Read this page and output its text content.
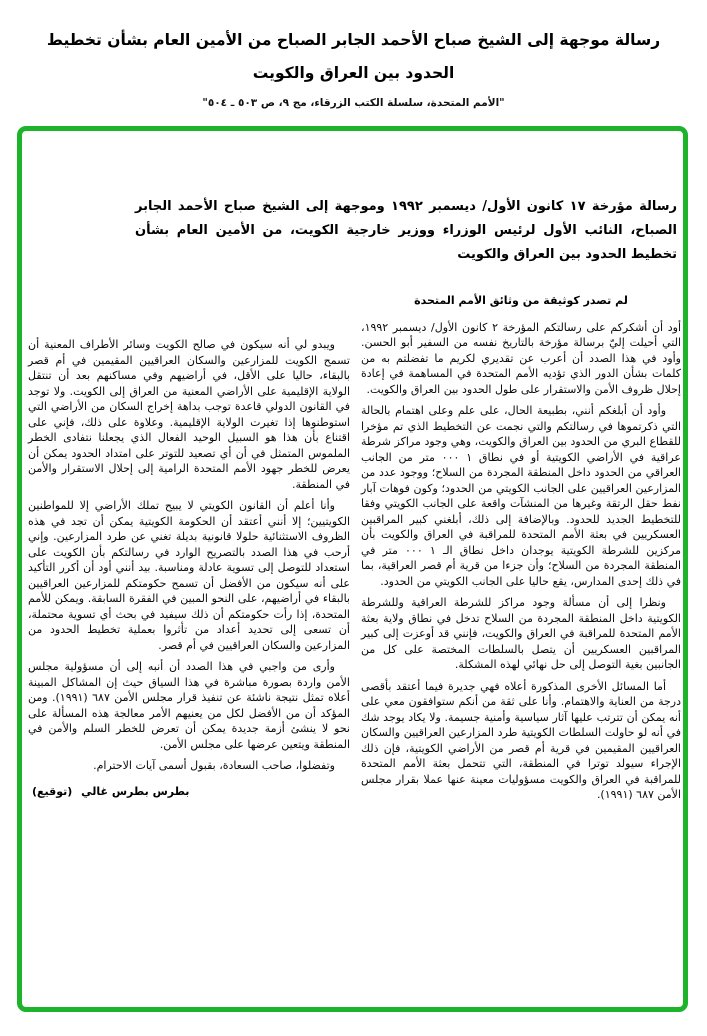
رسالة موجهة إلى الشيخ صباح الأحمد الجابر الصباح من الأمين العام بشأن تخطيط
الحدود بين العراق والكويت
"الأمم المتحدة، سلسلة الكتب الزرقاء، مج ٩، ص ٥٠٣ ـ ٥٠٤"
رسالة مؤرخة ١٧ كانون الأول/ ديسمبر ١٩٩٢ وموجهة إلى الشيخ صباح الأحمد الجابر الصباح، النائب الأول لرئيس الوزراء ووزير خارجية الكويت، من الأمين العام بشأن تخطيط الحدود بين العراق والكويت
لم تصدر كوثيقة من وثائق الأمم المتحدة

أود أن أشكركم على رسالتكم المؤرخة ٢ كانون الأول/ ديسمبر ١٩٩٢، التي أحيلت إليّ برسالة مؤرخة بالتاريخ نفسه من السفير أبو الحسن. وأود في هذا الصدد أن أعرب عن تقديري لكريم ما تفضلتم به من كلمات بشأن الدور الذي تؤديه الأمم المتحدة في المساهمة في إعادة إحلال ظروف الأمن والاستقرار على طول الحدود بين العراق والكويت.

وأود أن أبلغكم أنني، بطبيعة الحال، على علم وعلى اهتمام بالحالة التي ذكرتموها في رسالتكم والتي نجمت عن التخطيط الذي تم مؤخرا للقطاع البري من الحدود بين العراق والكويت، وهي وجود مراكز شرطة عراقية في الأراضي الكويتية أو في نطاق ١ ٠٠٠ متر من الجانب العراقي من الحدود داخل المنطقة المجردة من السلاح؛ ووجود عدد من المزارعين العراقيين على الجانب الكويتي من الحدود؛ وكون فوهات آبار نفط حقل الرتقة وغيرها من المنشآت واقعة على الجانب الكويتي وفقا للتخطيط الجديد للحدود. وبالإضافة إلى ذلك، أبلغني كبير المراقبين العسكريين في بعثة الأمم المتحدة للمراقبة في العراق والكويت بأن مركزين للشرطة الكويتية يوجدان داخل نطاق الـ ١ ٠٠٠ متر في المنطقة المجردة من السلاح؛ وأن جزءا من قرية أم قصر العراقية، بما في ذلك إحدى المدارس، يقع حاليا على الجانب الكويتي من الحدود.

ونظرا إلى أن مسألة وجود مراكز للشرطة العراقية وللشرطة الكويتية داخل المنطقة المجردة من السلاح تدخل في نطاق ولاية بعثة الأمم المتحدة للمراقبة في العراق والكويت، فإنني قد أوعزت إلى كبير المراقبين العسكريين أن يتصل بالسلطات المختصة على كل من الجانبين بغية التوصل إلى حل نهائي لهذه المشكلة.

أما المسائل الأخرى المذكورة أعلاه فهي جديرة فيما أعتقد بأقصى درجة من العناية والاهتمام. وأنا على ثقة من أنكم ستوافقون معي على أنه يمكن أن تترتب عليها آثار سياسية وأمنية جسيمة. ولا يكاد يوجد شك في أنه لو حاولت السلطات الكويتية طرد المزارعين العراقيين والسكان العراقيين المقيمين في قرية أم قصر من الأراضي الكويتية، فإن ذلك الإجراء سيولد توترا في المنطقة، التي تتحمل بعثة الأمم المتحدة للمراقبة في العراق والكويت مسؤوليات معينة عنها عملا بقرار مجلس الأمن ٦٨٧ (١٩٩١).

ويبدو لي أنه سيكون في صالح الكويت وسائر الأطراف المعنية أن تسمح الكويت للمزارعين والسكان العراقيين المقيمين في أم قصر بالبقاء، حاليا على الأقل، في أراضيهم وفي مساكنهم بعد أن تنتقل الولاية الإقليمية على الأراضي المعنية من العراق إلى الكويت. ولا توجد في القانون الدولي قاعدة توجب بداهة إخراج السكان من الأراضي التي استوطنوها إذا تغيرت الولاية الإقليمية. وعلاوة على ذلك، فإني على اقتناع بأن هذا هو السبيل الوحيد الفعال الذي يجعلنا نتفادى الخطر الملموس المتمثل في أن أي تصعيد للتوتر على امتداد الحدود يمكن أن يعرض للخطر جهود الأمم المتحدة الرامية إلى إحلال الاستقرار والأمن في المنطقة.

وأنا أعلم أن القانون الكويتي لا يبيح تملك الأراضي إلا للمواطنين الكويتيين؛ إلا أنني أعتقد أن الحكومة الكويتية يمكن أن تجد في هذه الظروف الاستثنائية حلولا قانونية بديلة تغني عن طرد المزارعين. وإني أرحب في هذا الصدد بالتصريح الوارد في رسالتكم بأن الكويت على استعداد للتوصل إلى تسوية عادلة ومناسبة. بيد أنني أود أن أكرر التأكيد على أنه سيكون من الأفضل أن تسمح حكومتكم للمزارعين العراقيين بالبقاء في أراضيهم، على النحو المبين في الفقرة السابقة. ويمكن للأمم المتحدة، إذا رأت حكومتكم أن ذلك سيفيد في بحث أي تسوية محتملة، أن تسعى إلى تحديد أعداد من تأثروا بعملية تخطيط الحدود من المزارعين والسكان العراقيين في أم قصر.

وأرى من واجبي في هذا الصدد أن أنبه إلى أن مسؤولية مجلس الأمن واردة بصورة مباشرة في هذا السياق حيث إن المشاكل المبينة أعلاه تمثل نتيجة ناشئة عن تنفيذ قرار مجلس الأمن ٦٨٧ (١٩٩١). ومن المؤكد أن من الأفضل لكل من يعنيهم الأمر معالجة هذه المسألة على نحو لا ينشئ أزمة جديدة يمكن أن تعرض للخطر السلم والأمن في المنطقة ويتعين عرضها على مجلس الأمن.

وتفضلوا، صاحب السعادة، بقبول أسمى آيات الاحترام.

(توقيع) بطرس بطرس غالي
